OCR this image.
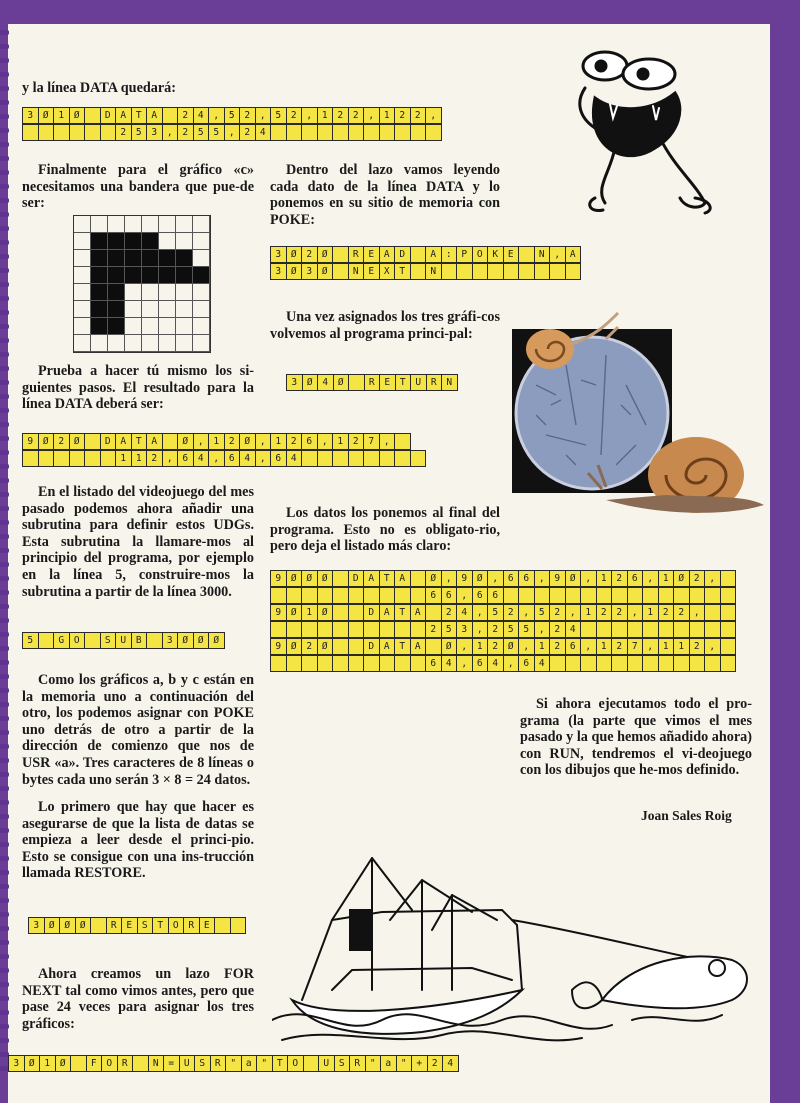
y la línea DATA quedará:

Finalmente para el gráfico «c» necesitamos una bandera que pue-de ser:

Dentro del lazo vamos leyendo cada dato de la línea DATA y lo ponemos en su sitio de memoria con POKE:

Una vez asignados los tres gráfi-cos volvemos al programa princi-pal:

Prueba a hacer tú mismo los si-guientes pasos. El resultado para la línea DATA deberá ser:

En el listado del videojuego del mes pasado podemos ahora añadir una subrutina para definir estos UDGs. Esta subrutina la llamare-mos al principio del programa, por ejemplo en la línea 5, construire-mos la subrutina a partir de la línea 3000.

Los datos los ponemos al final del programa. Esto no es obligato-rio, pero deja el listado más claro:

Como los gráficos a, b y c están en la memoria uno a continuación del otro, los podemos asignar con POKE uno detrás de otro a partir de la dirección de comienzo que nos de USR «a». Tres caracteres de 8 líneas o bytes cada uno serán 3 × 8 = 24 datos.

Lo primero que hay que hacer es asegurarse de que la lista de datas se empieza a leer desde el princi-pio. Esto se consigue con una ins-trucción llamada RESTORE.

Si ahora ejecutamos todo el pro-grama (la parte que vimos el mes pasado y la que hemos añadido ahora) con RUN, tendremos el vi-deojuego con los dibujos que he-mos definido.

Ahora creamos un lazo FOR NEXT tal como vimos antes, pero que pase 24 veces para asignar los tres gráficos:

Joan Sales Roig
3	Ø	1	Ø	D	A	T	A	2	4	,	5	2	,	5	2	,	1	2	2	,	1	2	2	,
2	5	3	,	2	5	5	,	2	4
3	Ø	2	Ø	R	E	A	D	A	:	P	O	K	E	N	,	A
3	Ø	3	Ø	N	E	X	T	N
3	Ø	4	Ø	R	E	T	U	R	N
9	Ø	2	Ø	D	A	T	A	Ø	,	1	2	Ø	,	1	2	6	,	1	2	7	,
1	1	2	,	6	4	,	6	4	,	6	4
9	Ø	Ø	Ø	D	A	T	A	Ø	,	9	Ø	,	6	6	,	9	Ø	,	1	2	6	,	1	Ø	2	,
6	6	,	6	6
9	Ø	1	Ø	D	A	T	A	2	4	,	5	2	,	5	2	,	1	2	2	,	1	2	2	,
2	5	3	,	2	5	5	,	2	4
9	Ø	2	Ø	D	A	T	A	Ø	,	1	2	Ø	,	1	2	6	,	1	2	7	,	1	1	2	,
6	4	,	6	4	,	6	4
5	G	O	S	U	B	3	Ø	Ø	Ø
3	Ø	Ø	Ø	R	E	S	T	O	R	E
3	Ø	1	Ø	F	O	R	N	=	U	S	R	"	a	"	T	O	U	S	R	"	a	"	+	2	4
